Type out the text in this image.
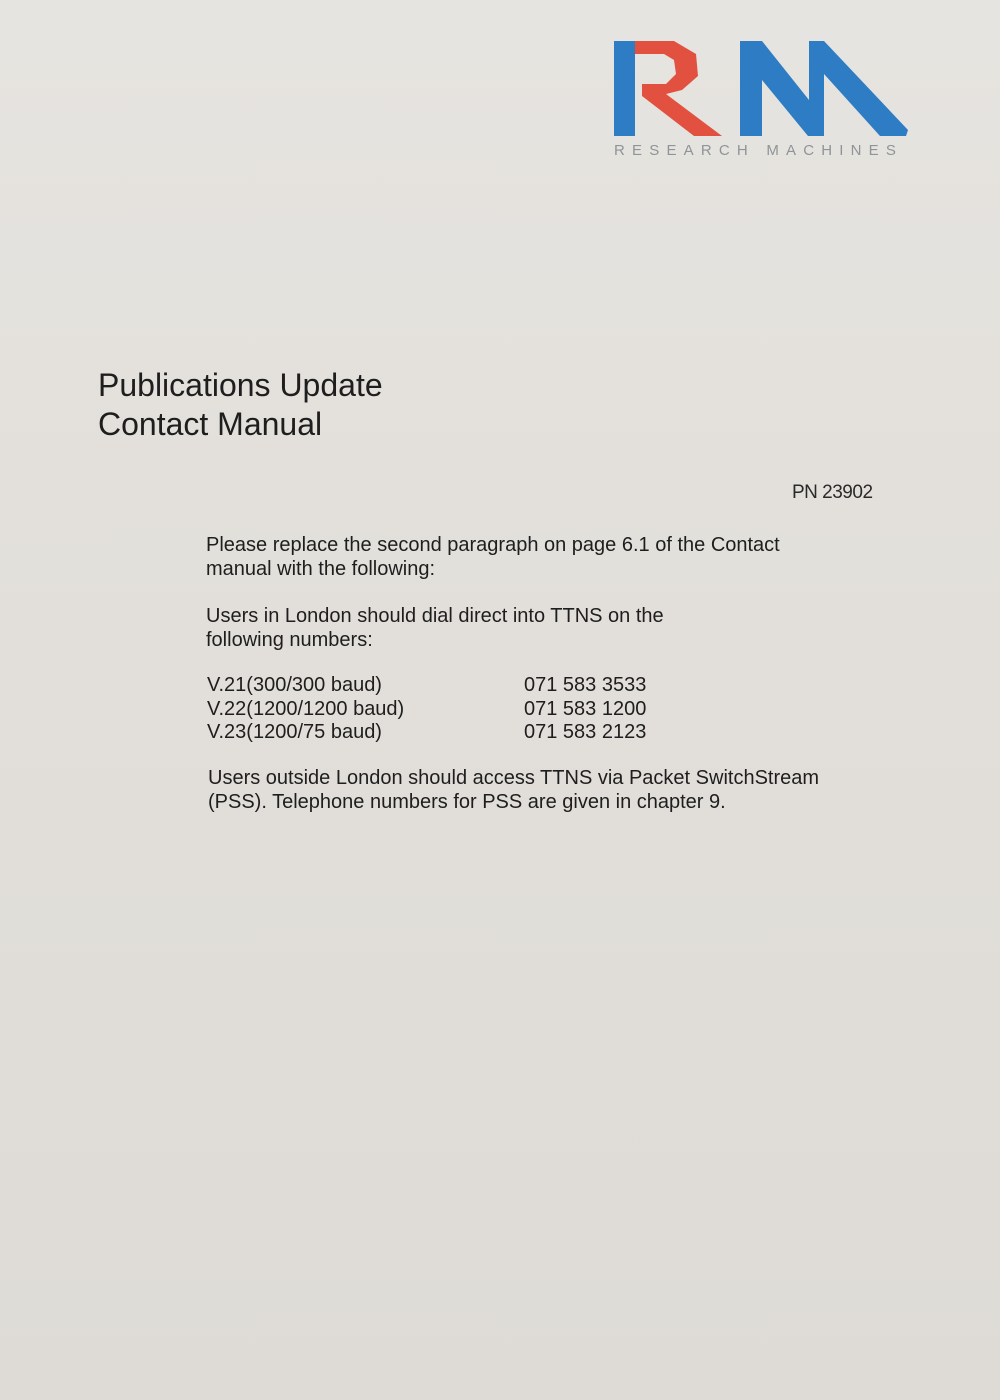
RESEARCH MACHINES
Publications Update
Contact Manual
PN 23902
Please replace the second paragraph on page 6.1 of the Contact
manual with the following:
Users in London should dial direct into TTNS on the
following numbers:
V.21(300/300 baud)	071 583 3533
V.22(1200/1200 baud)	071 583 1200
V.23(1200/75 baud)	071 583 2123
Users outside London should access TTNS via Packet SwitchStream
(PSS). Telephone numbers for PSS are given in chapter 9.
